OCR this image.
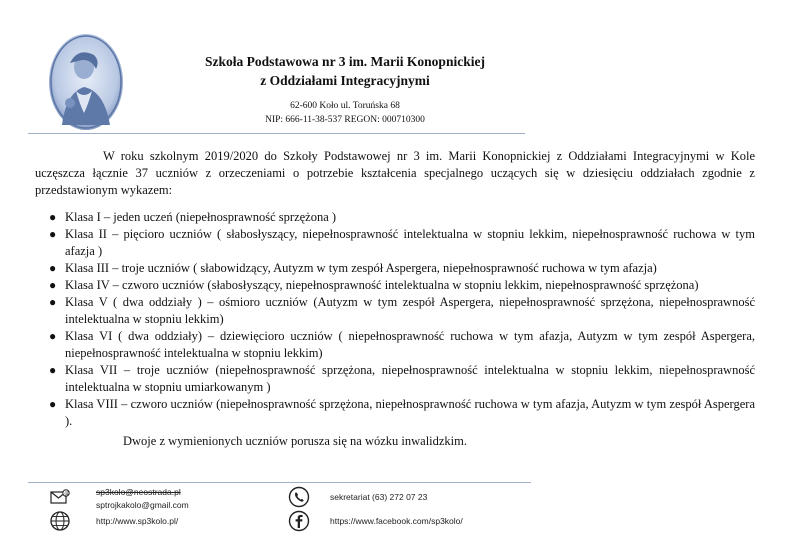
Szkoła Podstawowa nr 3 im. Marii Konopnickiej
z Oddziałami Integracyjnymi
62-600 Koło ul. Toruńska 68
NIP: 666-11-38-537 REGON: 000710300

W roku szkolnym 2019/2020 do Szkoły Podstawowej nr 3 im. Marii Konopnickiej z Oddziałami Integracyjnymi w Kole uczęszcza łącznie 37 uczniów z orzeczeniami o potrzebie kształcenia specjalnego uczących się w dziesięciu oddziałach zgodnie z przedstawionym wykazem:

● Klasa I – jeden uczeń (niepełnosprawność sprzężona )
● Klasa II – pięcioro uczniów ( słabosłyszący, niepełnosprawność intelektualna w stopniu lekkim, niepełnosprawność ruchowa w tym afazja )
● Klasa III – troje uczniów ( słabowidzący, Autyzm w tym zespół Aspergera, niepełnosprawność ruchowa w tym afazja)
● Klasa IV – czworo uczniów (słabosłyszący, niepełnosprawność intelektualna w stopniu lekkim, niepełnosprawność sprzężona)
● Klasa V ( dwa oddziały ) – ośmioro uczniów (Autyzm w tym zespół Aspergera, niepełnosprawność sprzężona, niepełnosprawność intelektualna w stopniu lekkim)
● Klasa VI ( dwa oddziały) – dziewięcioro uczniów ( niepełnosprawność ruchowa w tym afazja, Autyzm w tym zespół Aspergera, niepełnosprawność intelektualna w stopniu lekkim)
● Klasa VII – troje uczniów (niepełnosprawność sprzężona, niepełnosprawność intelektualna w stopniu lekkim, niepełnosprawność intelektualna w stopniu umiarkowanym )
● Klasa VIII – czworo uczniów (niepełnosprawność sprzężona, niepełnosprawność ruchowa w tym afazja, Autyzm w tym zespół Aspergera ).

Dwoje z wymienionych uczniów porusza się na wózku inwalidzkim.

@	sp3kolo@neostrada.pl
sptrojkakolo@gmail.com
sekretariat (63) 272 07 23
http://www.sp3kolo.pl/	https://www.facebook.com/sp3kolo/
